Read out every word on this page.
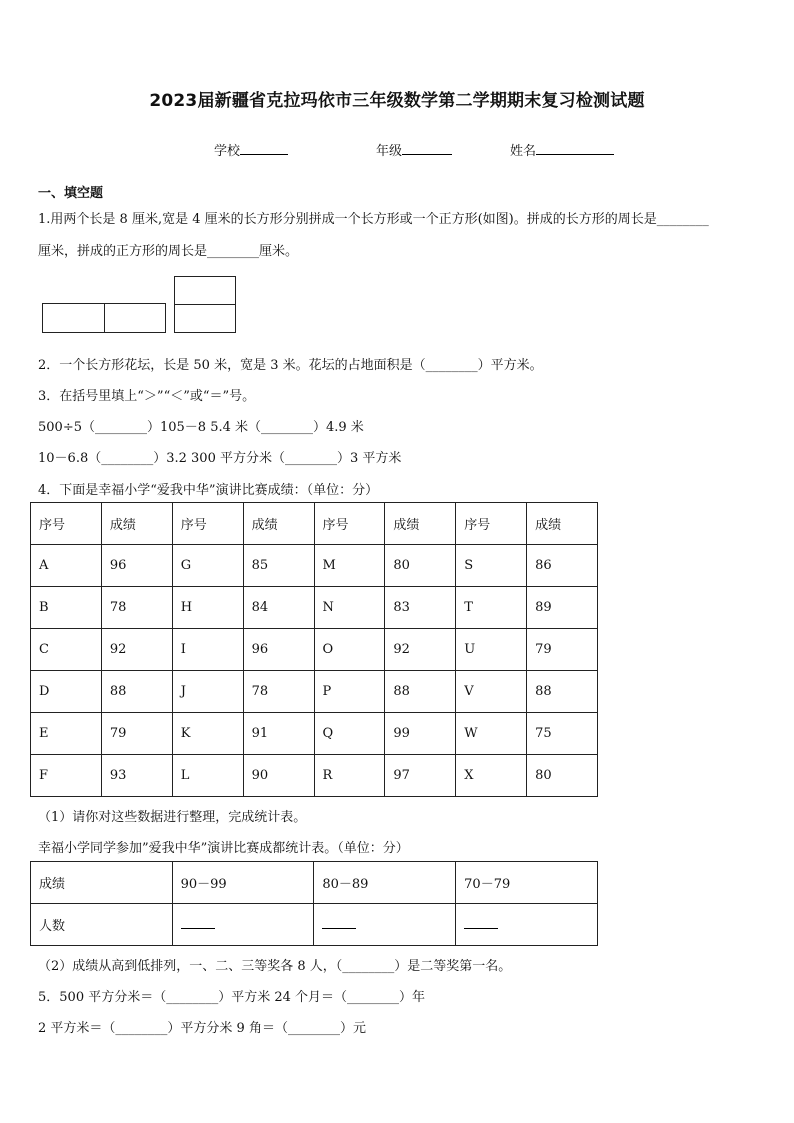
2023届新疆省克拉玛依市三年级数学第二学期期末复习检测试题
学校	年级	姓名
一、填空题
1.用两个长是 8 厘米,宽是 4 厘米的长方形分别拼成一个长方形或一个正方形(如图)。拼成的长方形的周长是________
厘米，拼成的正方形的周长是________厘米。
2．一个长方形花坛，长是 50 米，宽是 3 米。花坛的占地面积是（________）平方米。
3．在括号里填上“＞”“＜”或“＝”号。
500÷5（________）105－8 5.4 米（________）4.9 米
10－6.8（________）3.2 300 平方分米（________）3 平方米
4．下面是幸福小学“爱我中华”演讲比赛成绩：（单位：分）
序号	成绩	序号	成绩	序号	成绩	序号	成绩
A	96	G	85	M	80	S	86
B	78	H	84	N	83	T	89
C	92	I	96	O	92	U	79
D	88	J	78	P	88	V	88
E	79	K	91	Q	99	W	75
F	93	L	90	R	97	X	80
（1）请你对这些数据进行整理，完成统计表。
幸福小学同学参加”爱我中华”演讲比赛成都统计表。（单位：分）
成绩	90－99	80－89	70－79
人数			
（2）成绩从高到低排列，一、二、三等奖各 8 人，（________）是二等奖第一名。
5．500 平方分米＝（________）平方米 24 个月＝（________）年
2 平方米＝（________）平方分米 9 角＝（________）元
